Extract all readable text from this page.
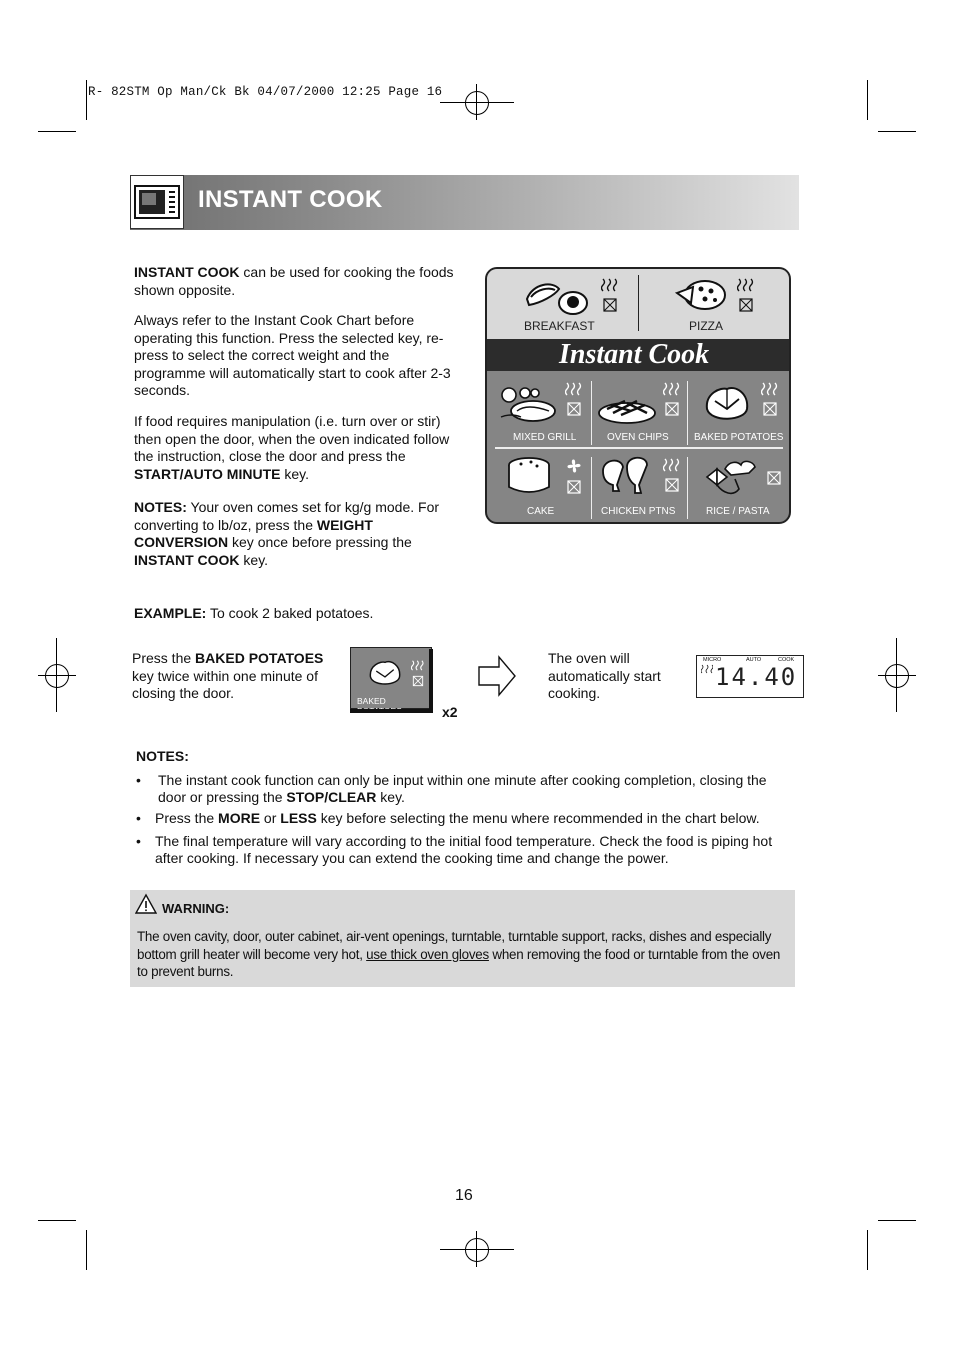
R- 82STM Op Man/Ck Bk 04/07/2000 12:25 Page 16
INSTANT COOK
INSTANT COOK can be used for cooking the foods shown opposite.
Always refer to the Instant Cook Chart before operating this function. Press the selected key, re-press to select the correct weight and the programme will automatically start to cook after 2-3 seconds.
If food requires manipulation (i.e. turn over or stir) then open the door, when the oven indicated follow the instruction, close the door and press the START/AUTO MINUTE key.
NOTES: Your oven comes set for kg/g mode. For converting to lb/oz, press the WEIGHT CONVERSION key once before pressing the INSTANT COOK key.
BREAKFAST	PIZZA
Instant Cook
MIXED GRILL	OVEN CHIPS	BAKED POTATOES
CAKE	CHICKEN PTNS	RICE / PASTA
EXAMPLE: To cook 2 baked potatoes.
Press the BAKED POTATOES key twice within one minute of closing the door.	BAKED
x2
The oven will automatically start cooking.
MICRO	AUTO	COOK
14.40
NOTES:
• The instant cook function can only be input within one minute after cooking completion, closing the door or pressing the STOP/CLEAR key.
• Press the MORE or LESS key before selecting the menu where recommended in the chart below.
• The final temperature will vary according to the initial food temperature. Check the food is piping hot after cooking. If necessary you can extend the cooking time and change the power.
WARNING:
The oven cavity, door, outer cabinet, air-vent openings, turntable, turntable support, racks, dishes and especially bottom grill heater will become very hot, use thick oven gloves when removing the food or turntable from the oven to prevent burns.
16
